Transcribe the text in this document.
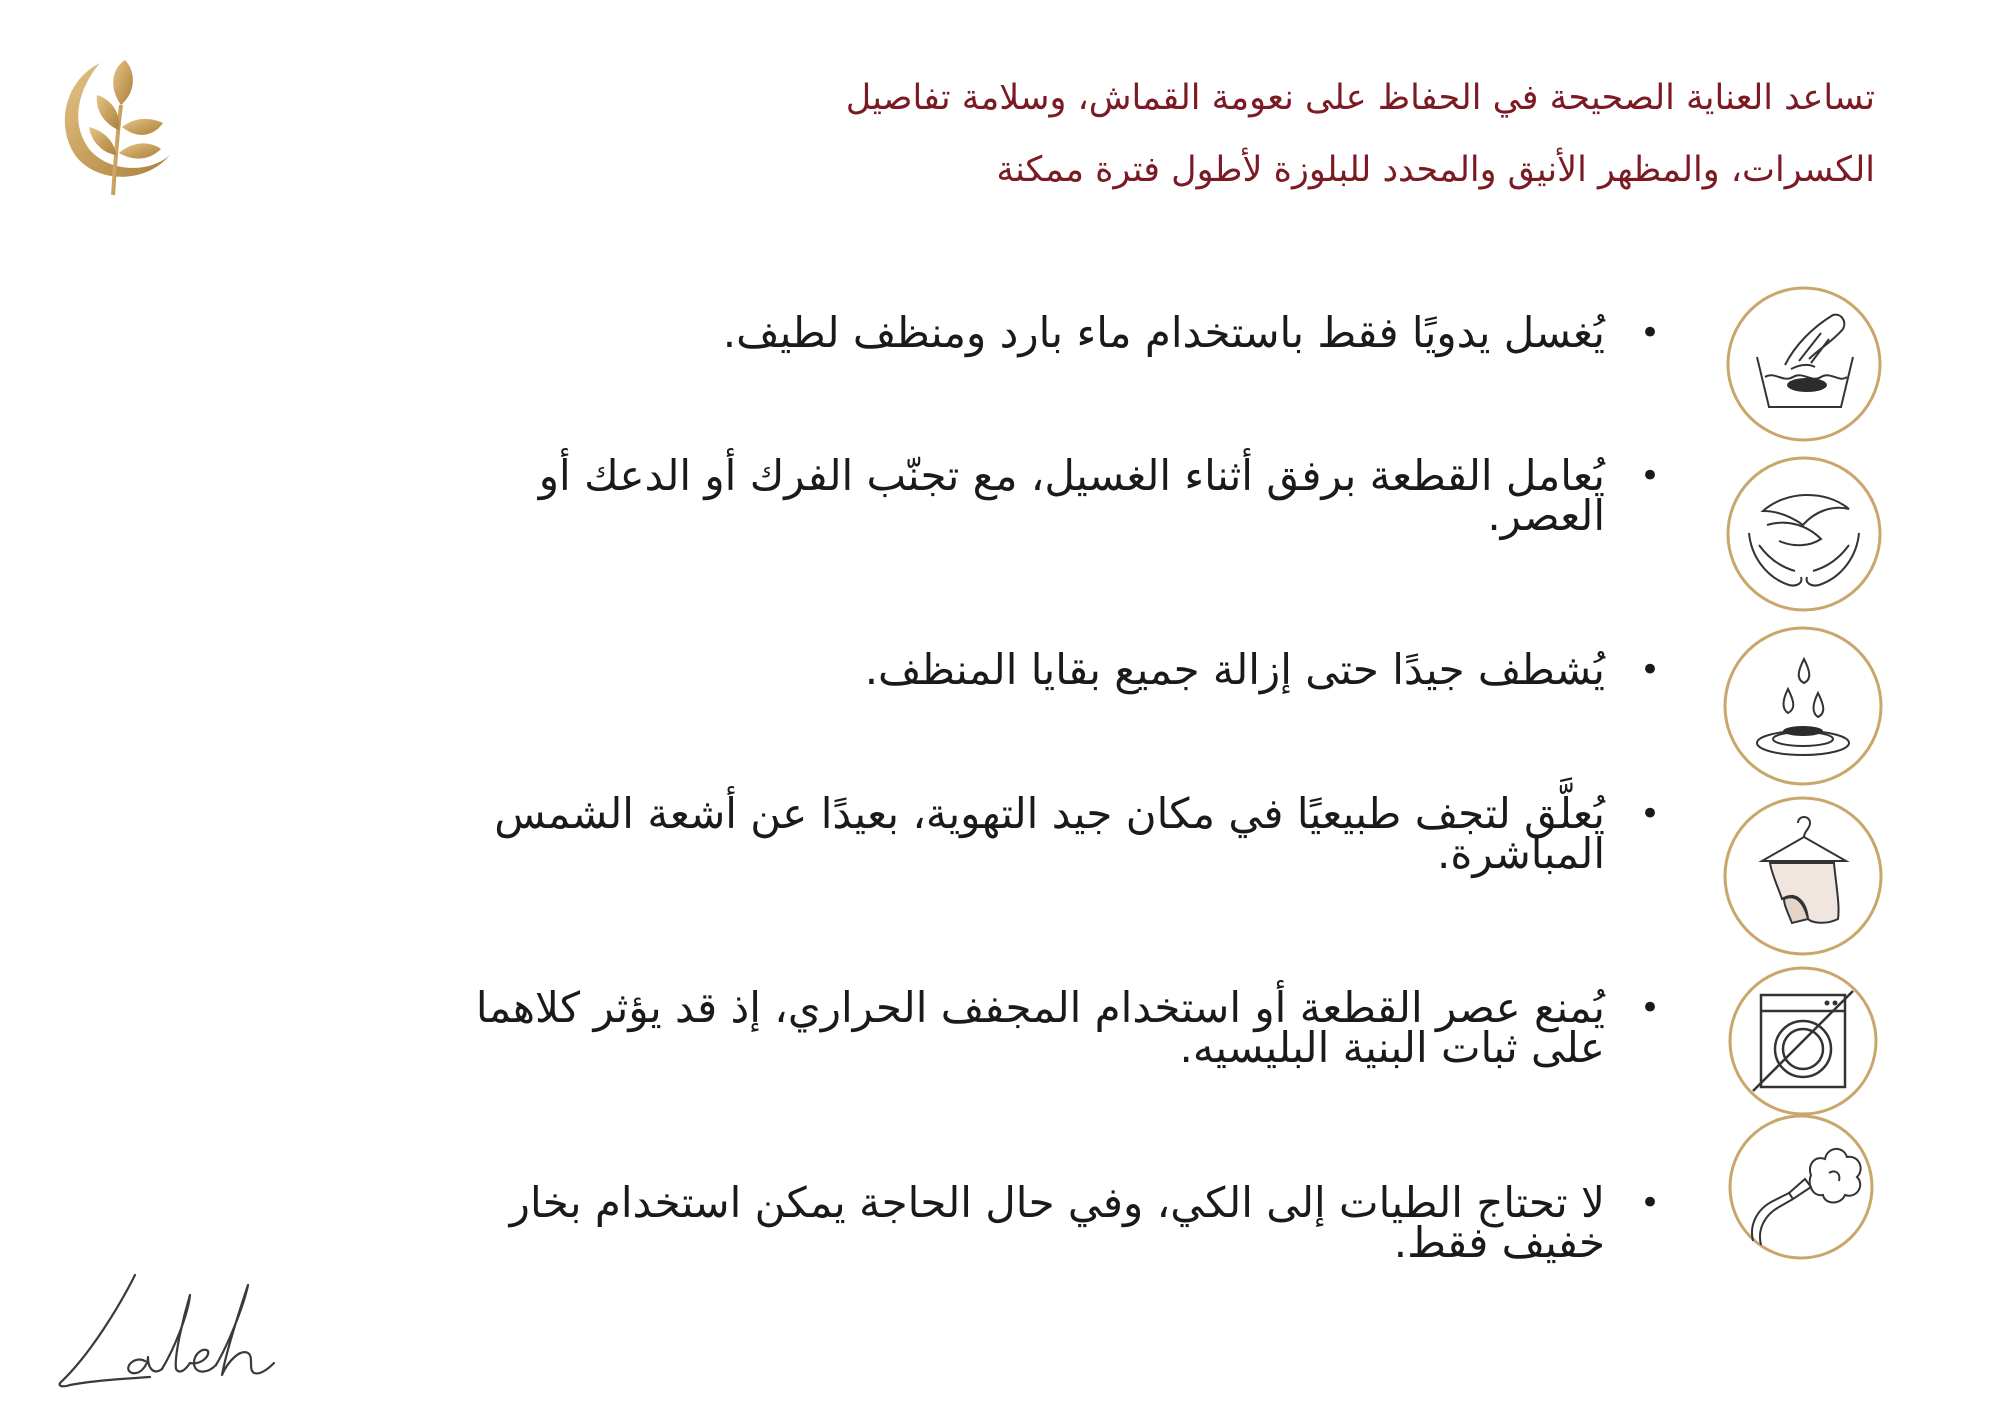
تساعد العناية الصحيحة في الحفاظ على نعومة القماش، وسلامة تفاصيل
الكسرات، والمظهر الأنيق والمحدد للبلوزة لأطول فترة ممكنة
•
يُغسل يدويًا فقط باستخدام ماء بارد ومنظف لطيف.
•
يُعامل القطعة برفق أثناء الغسيل، مع تجنّب الفرك أو الدعك أو
العصر.
•
يُشطف جيدًا حتى إزالة جميع بقايا المنظف.
•
يُعلَّق لتجف طبيعيًا في مكان جيد التهوية، بعيدًا عن أشعة الشمس
المباشرة.
•
يُمنع عصر القطعة أو استخدام المجفف الحراري، إذ قد يؤثر كلاهما
على ثبات البنية البليسيه.
•
لا تحتاج الطيات إلى الكي، وفي حال الحاجة يمكن استخدام بخار
خفيف فقط.
